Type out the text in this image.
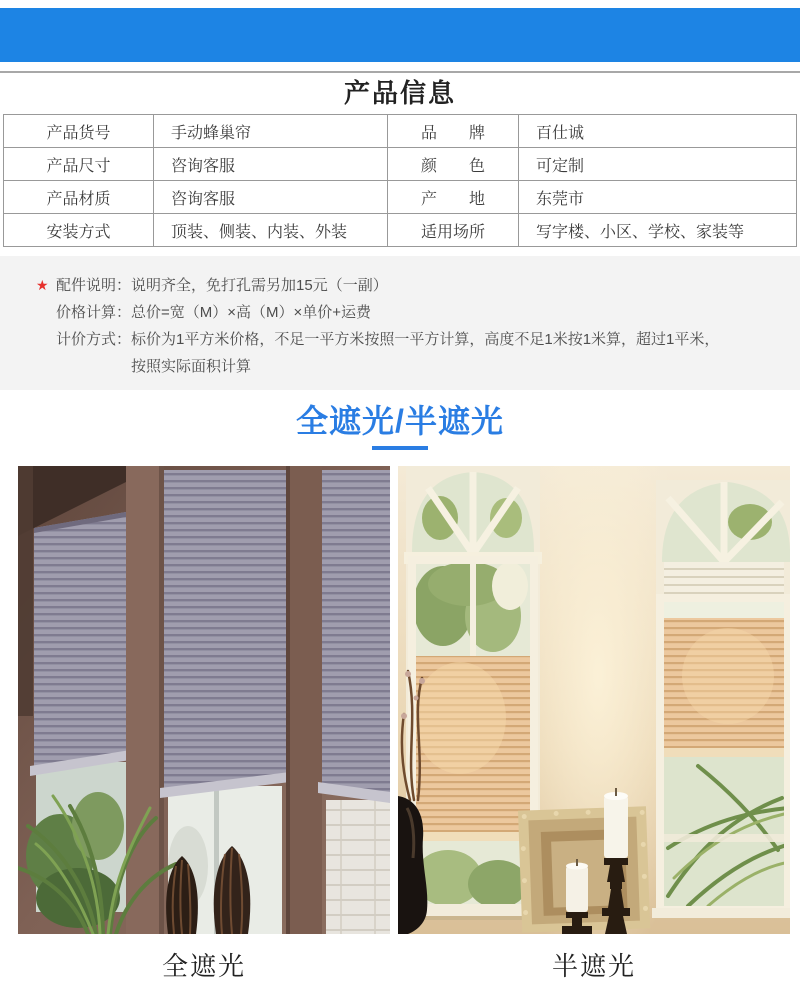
产品信息
产品货号	手动蜂巢帘	品　　牌	百仕诚
产品尺寸	咨询客服	颜　　色	可定制
产品材质	咨询客服	产　　地	东莞市
安装方式	顶装、侧装、内装、外装	适用场所	写字楼、小区、学校、家装等
★ 配件说明： 说明齐全，免打孔需另加15元（一副）
价格计算： 总价=宽（M）×高（M）×单价+运费
计价方式： 标价为1平方米价格，不足一平方米按照一平方计算，高度不足1米按1米算，超过1平米，
按照实际面积计算
全遮光/半遮光
全遮光	半遮光
